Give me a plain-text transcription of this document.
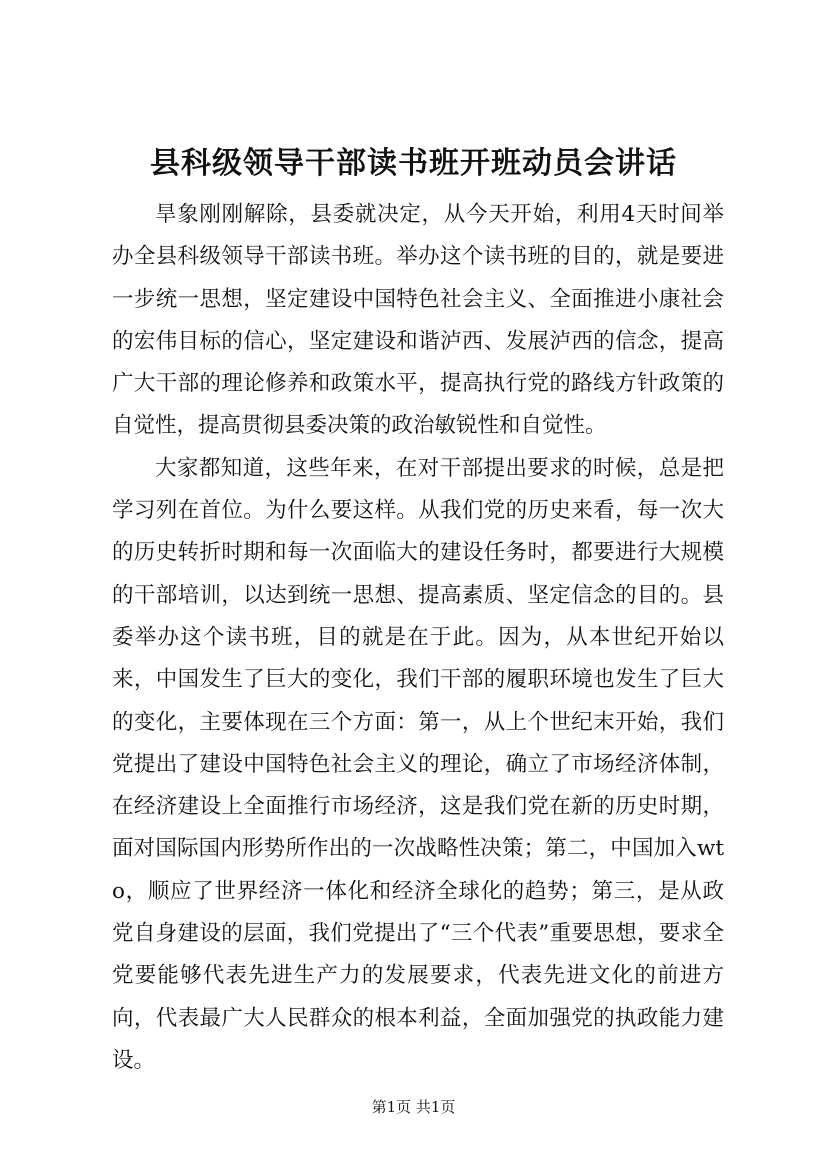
县科级领导干部读书班开班动员会讲话

旱象刚刚解除，县委就决定，从今天开始，利用4天时间举办全县科级领导干部读书班。举办这个读书班的目的，就是要进一步统一思想，坚定建设中国特色社会主义、全面推进小康社会的宏伟目标的信心，坚定建设和谐泸西、发展泸西的信念，提高广大干部的理论修养和政策水平，提高执行党的路线方针政策的自觉性，提高贯彻县委决策的政治敏锐性和自觉性。

大家都知道，这些年来，在对干部提出要求的时候，总是把学习列在首位。为什么要这样。从我们党的历史来看，每一次大的历史转折时期和每一次面临大的建设任务时，都要进行大规模的干部培训，以达到统一思想、提高素质、坚定信念的目的。县委举办这个读书班，目的就是在于此。因为，从本世纪开始以来，中国发生了巨大的变化，我们干部的履职环境也发生了巨大的变化，主要体现在三个方面：第一，从上个世纪末开始，我们党提出了建设中国特色社会主义的理论，确立了市场经济体制，在经济建设上全面推行市场经济，这是我们党在新的历史时期，面对国际国内形势所作出的一次战略性决策；第二，中国加入wto，顺应了世界经济一体化和经济全球化的趋势；第三，是从政党自身建设的层面，我们党提出了“三个代表”重要思想，要求全党要能够代表先进生产力的发展要求，代表先进文化的前进方向，代表最广大人民群众的根本利益，全面加强党的执政能力建设。

第1页 共1页
